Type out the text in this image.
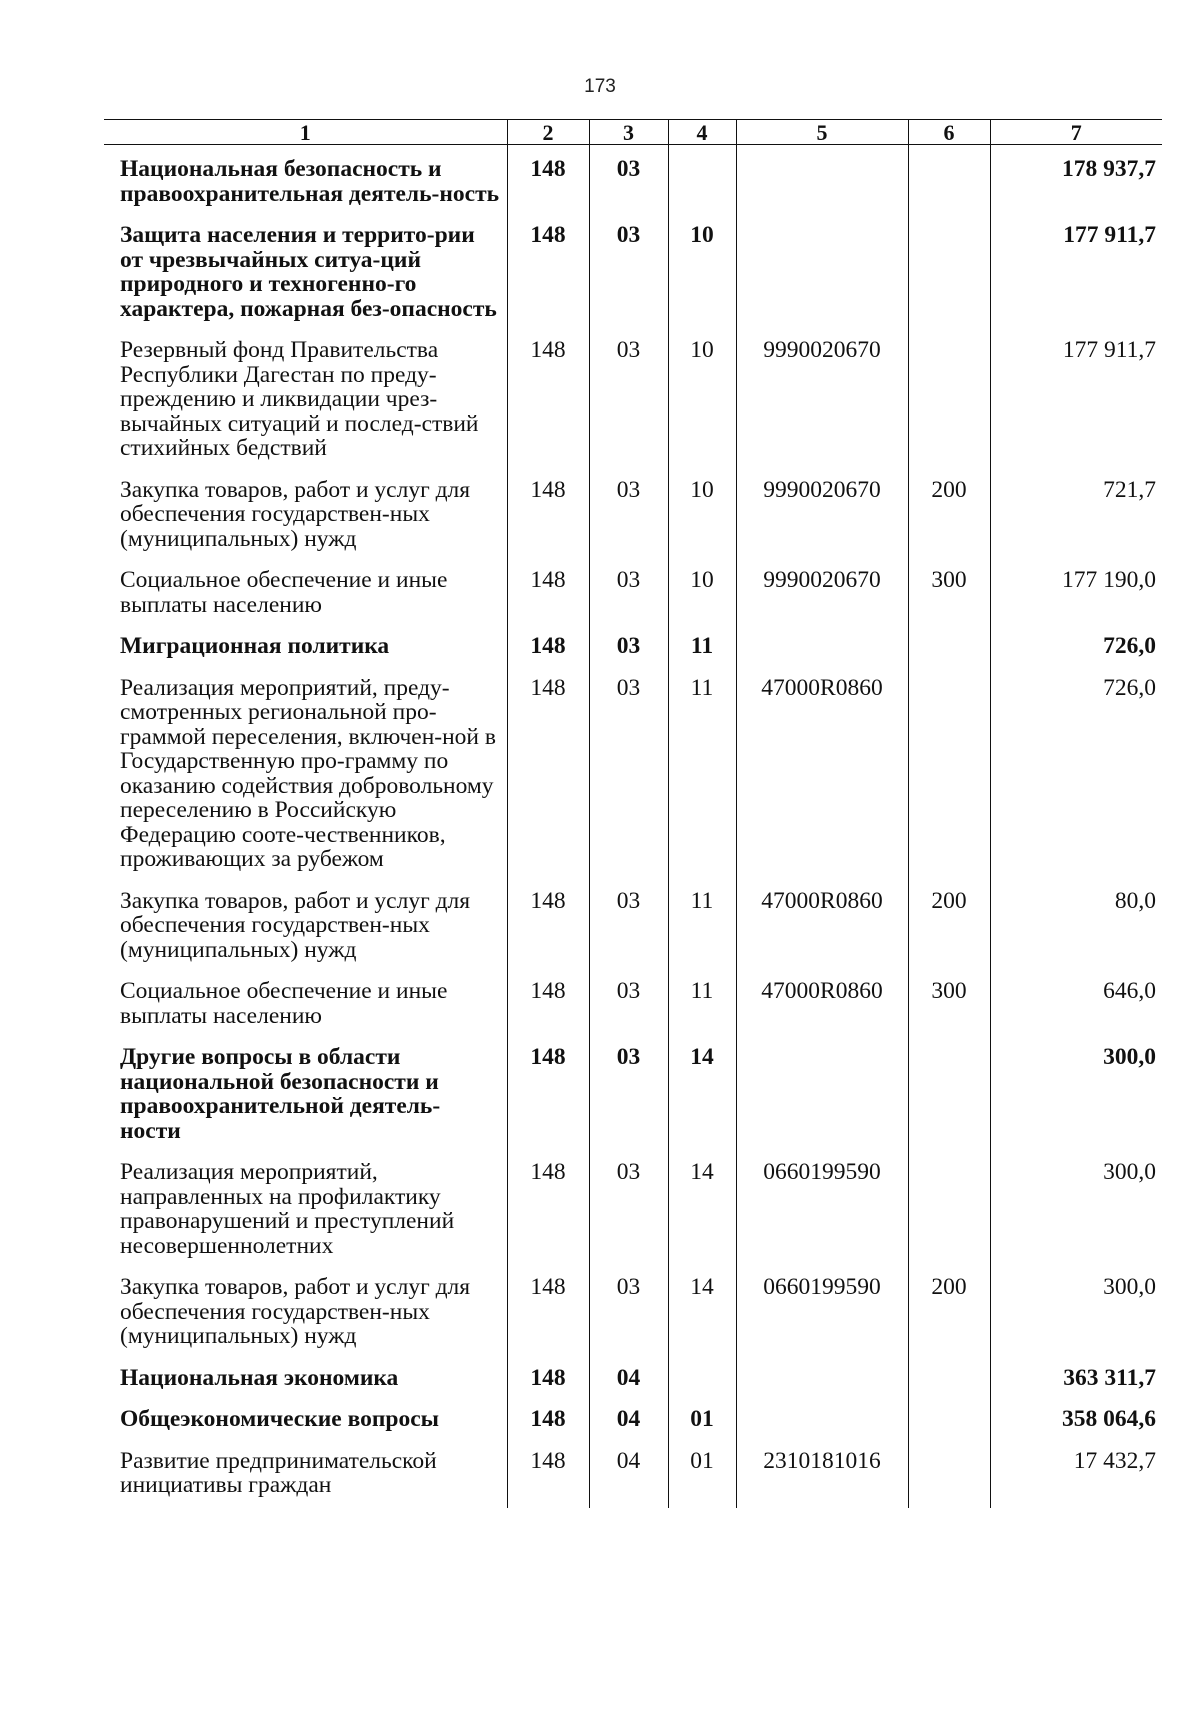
173
1	2	3	4	5	6	7
Национальная безопасность и правоохранительная деятель-ность	148	03				178 937,7
Защита населения и террито-рии от чрезвычайных ситуа-ций природного и техногенно-го характера, пожарная без-опасность	148	03	10			177 911,7
Резервный фонд Правительства Республики Дагестан по преду-преждению и ликвидации чрез-вычайных ситуаций и послед-ствий стихийных бедствий	148	03	10	9990020670		177 911,7
Закупка товаров, работ и услуг для обеспечения государствен-ных (муниципальных) нужд	148	03	10	9990020670	200	721,7
Социальное обеспечение и иные выплаты населению	148	03	10	9990020670	300	177 190,0
Миграционная политика	148	03	11			726,0
Реализация мероприятий, преду-смотренных региональной про-граммой переселения, включен-ной в Государственную про-грамму по оказанию содействия добровольному переселению в Российскую Федерацию сооте-чественников, проживающих за рубежом	148	03	11	47000R0860		726,0
Закупка товаров, работ и услуг для обеспечения государствен-ных (муниципальных) нужд	148	03	11	47000R0860	200	80,0
Социальное обеспечение и иные выплаты населению	148	03	11	47000R0860	300	646,0
Другие вопросы в области национальной безопасности и правоохранительной деятель-ности	148	03	14			300,0
Реализация мероприятий, направленных на профилактику правонарушений и преступлений несовершеннолетних	148	03	14	0660199590		300,0
Закупка товаров, работ и услуг для обеспечения государствен-ных (муниципальных) нужд	148	03	14	0660199590	200	300,0
Национальная экономика	148	04				363 311,7
Общеэкономические вопросы	148	04	01			358 064,6
Развитие предпринимательской инициативы граждан	148	04	01	2310181016		17 432,7
